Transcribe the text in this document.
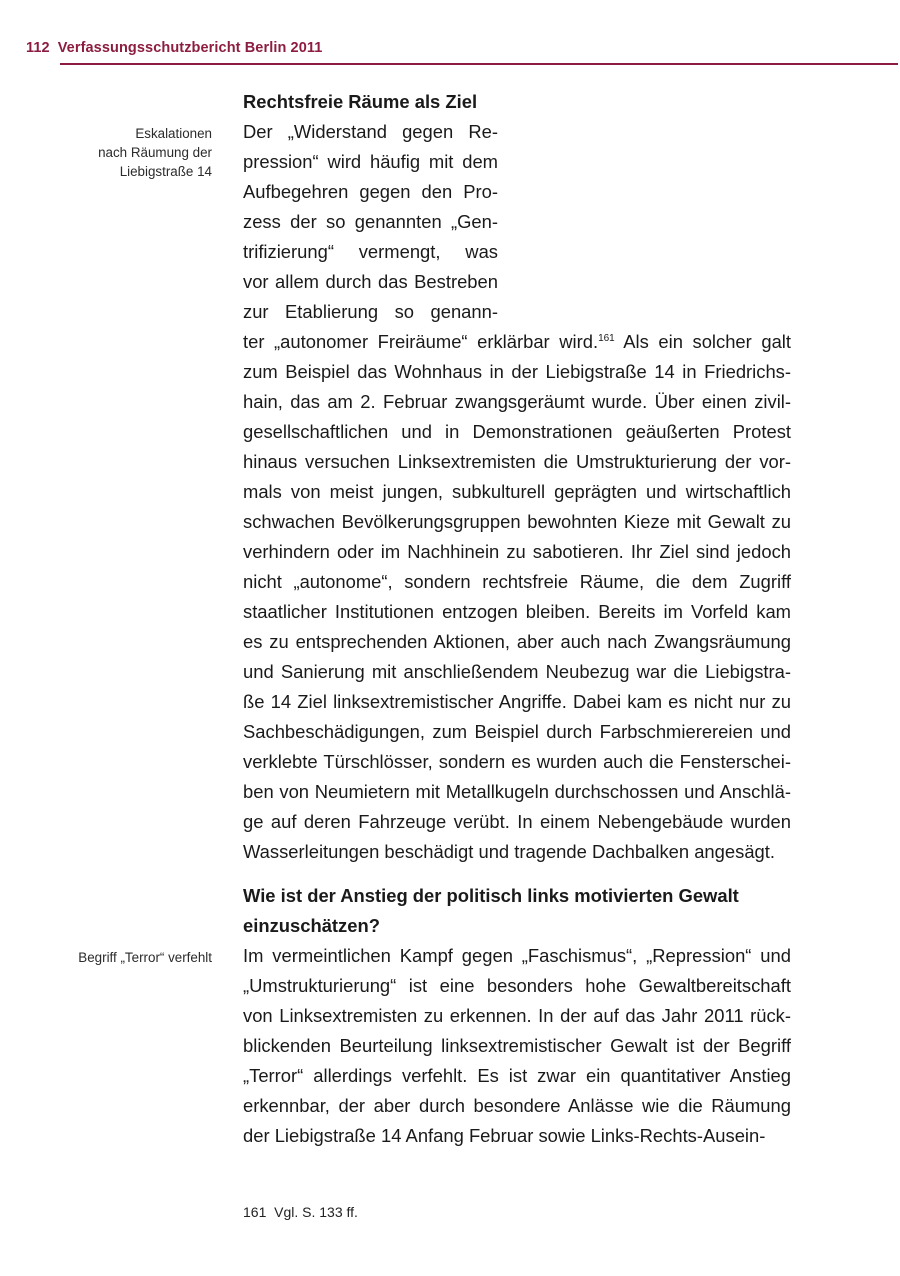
112 Verfassungsschutzbericht Berlin 2011
Eskalationen
nach Räumung der
Liebigstraße 14
Rechtsfreie Räume als Ziel
Der „Widerstand gegen Re-
pression“ wird häufig mit dem
Aufbegehren gegen den Pro-
zess der so genannten „Gen-
trifizierung“ vermengt, was
vor allem durch das Bestreben
zur Etablierung so genann-
ter „autonomer Freiräume“ erklärbar wird.$^{161}$ Als ein solcher galt
zum Beispiel das Wohnhaus in der Liebigstraße 14 in Friedrichs-
hain, das am 2. Februar zwangsgeräumt wurde. Über einen zivil-
gesellschaftlichen und in Demonstrationen geäußerten Protest
hinaus versuchen Linksextremisten die Umstrukturierung der vor-
mals von meist jungen, subkulturell geprägten und wirtschaftlich
schwachen Bevölkerungsgruppen bewohnten Kieze mit Gewalt zu
verhindern oder im Nachhinein zu sabotieren. Ihr Ziel sind jedoch
nicht „autonome“, sondern rechtsfreie Räume, die dem Zugriff
staatlicher Institutionen entzogen bleiben. Bereits im Vorfeld kam
es zu entsprechenden Aktionen, aber auch nach Zwangsräumung
und Sanierung mit anschließendem Neubezug war die Liebigstra-
ße 14 Ziel linksextremistischer Angriffe. Dabei kam es nicht nur zu
Sachbeschädigungen, zum Beispiel durch Farbschmierereien und
verklebte Türschlösser, sondern es wurden auch die Fensterschei-
ben von Neumietern mit Metallkugeln durchschossen und Anschlä-
ge auf deren Fahrzeuge verübt. In einem Nebengebäude wurden
Wasserleitungen beschädigt und tragende Dachbalken angesägt.
Begriff „Terror“ verfehlt
Wie ist der Anstieg der politisch links motivierten Gewalt
einzuschätzen?
Im vermeintlichen Kampf gegen „Faschismus“, „Repression“ und
„Umstrukturierung“ ist eine besonders hohe Gewaltbereitschaft
von Linksextremisten zu erkennen. In der auf das Jahr 2011 rück-
blickenden Beurteilung linksextremistischer Gewalt ist der Begriff
„Terror“ allerdings verfehlt. Es ist zwar ein quantitativer Anstieg
erkennbar, der aber durch besondere Anlässe wie die Räumung
der Liebigstraße 14 Anfang Februar sowie Links-Rechts-Ausein-
161 Vgl. S. 133 ff.
